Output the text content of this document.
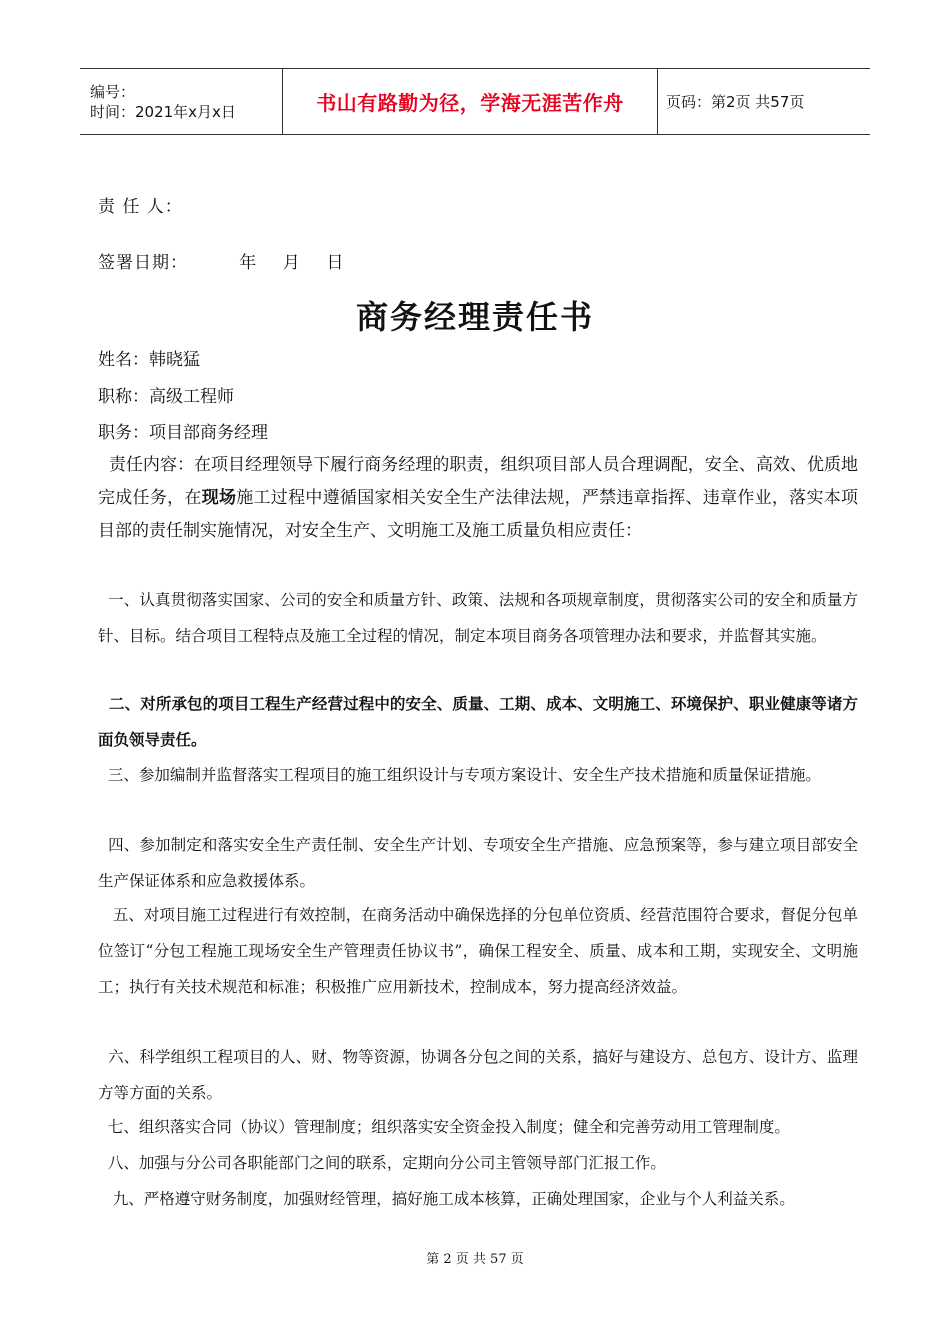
编号：
时间：2021年x月x日	书山有路勤为径，学海无涯苦作舟	页码：第2页 共57页
责 任 人：
签署日期：        年    月    日
商务经理责任书
姓名：韩晓猛
职称：高级工程师
职务：项目部商务经理
责任内容：在项目经理领导下履行商务经理的职责，组织项目部人员合理调配，安全、高效、优质地完成任务，在现场施工过程中遵循国家相关安全生产法律法规，严禁违章指挥、违章作业，落实本项目部的责任制实施情况，对安全生产、文明施工及施工质量负相应责任：
一、认真贯彻落实国家、公司的安全和质量方针、政策、法规和各项规章制度，贯彻落实公司的安全和质量方针、目标。结合项目工程特点及施工全过程的情况，制定本项目商务各项管理办法和要求，并监督其实施。
二、对所承包的项目工程生产经营过程中的安全、质量、工期、成本、文明施工、环境保护、职业健康等诸方面负领导责任。
三、参加编制并监督落实工程项目的施工组织设计与专项方案设计、安全生产技术措施和质量保证措施。
四、参加制定和落实安全生产责任制、安全生产计划、专项安全生产措施、应急预案等，参与建立项目部安全生产保证体系和应急救援体系。
五、对项目施工过程进行有效控制，在商务活动中确保选择的分包单位资质、经营范围符合要求，督促分包单位签订“分包工程施工现场安全生产管理责任协议书”，确保工程安全、质量、成本和工期，实现安全、文明施工；执行有关技术规范和标准；积极推广应用新技术，控制成本，努力提高经济效益。
六、科学组织工程项目的人、财、物等资源，协调各分包之间的关系，搞好与建设方、总包方、设计方、监理方等方面的关系。
七、组织落实合同（协议）管理制度；组织落实安全资金投入制度；健全和完善劳动用工管理制度。
八、加强与分公司各职能部门之间的联系，定期向分公司主管领导部门汇报工作。
九、严格遵守财务制度，加强财经管理，搞好施工成本核算，正确处理国家，企业与个人利益关系。
第 2 页 共 57 页
